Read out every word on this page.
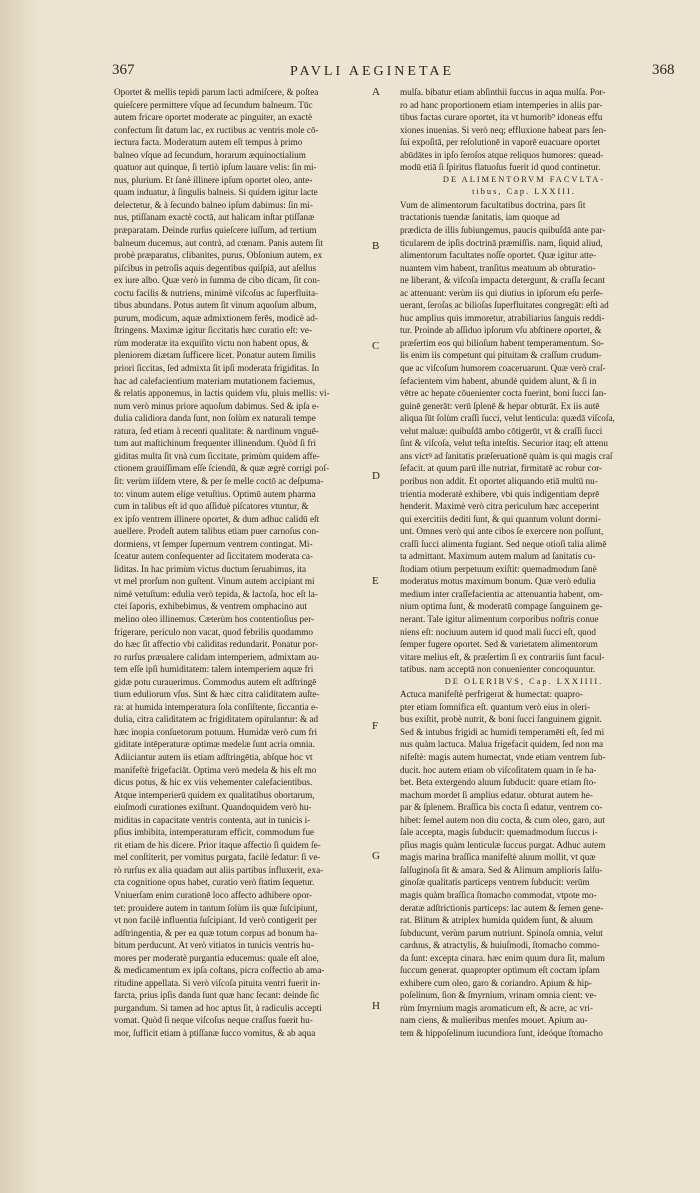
367	PAVLI AEGINETAE	368
Oportet & mellis tepidi parum lacti admiſcere, & poſtea
quieſcere permittere vſque ad ſecundum balneum. Tūc
autem fricare oportet moderate ac pinguiter, an exactè
confectum ſit datum lac, ex ructibus ac ventris mole cō-
iectura facta. Moderatum autem eſt tempus à primo
balneo vſque ad ſecundum, horarum æquinoctialium
quatuor aut quinque, ſi tertiò ipſum lauare velis: ſin mi-
nus, plurium. Et ſanè illinere ipſum oportet oleo, ante-
quam induatur, à ſingulis balneis. Si quidem igitur lacte
delectetur, & à ſecundo balneo ipſum dabimus: ſin mi-
nus, ptiſſanam exactè coctā, aut halicam inſtar ptiſſanæ
præparatam. Deinde rurſus quieſcere iuſſum, ad tertium
balneum ducemus, aut contrà, ad cœnam. Panis autem ſit
probè præparatus, clibanites, purus. Obſonium autem, ex
piſcibus in petroſis aquis degentibus quiſpiā, aut aſellus
ex iure albo. Quæ verò in ſumma de cibo dicam, ſit con-
coctu facilis & nutriens, minimè viſcoſus ac ſuperfluita-
tibus abundans. Potus autem ſit vinum aquoſum album,
purum, modicum, aquæ admixtionem ferēs, modicè ad-
ſtringens. Maximæ igitur ſiccitatis hæc curatio eſt: ve-
rùm moderatæ ita exquiſito victu non habent opus, &
pleniorem diætam ſufficere licet. Ponatur autem ſimilis
priori ſiccitas, ſed admixta ſit ipſi moderata frigiditas. In
hac ad calefacientium materiam mutationem faciemus,
& relatis apponemus, in lactis quidem vſu, pluis mellis: vi-
num verò minus priore aquoſum dabimus. Sed & ipſa e-
dulia calidiora danda ſunt, non ſolùm ex naturali tempe
ratura, ſed etiam à recenti qualitate: & nardinum vnguē-
tum aut maſtichinum frequenter illinendum. Quòd ſi fri
giditas multa ſit vnà cum ſiccitate, primùm quidem affe-
ctionem grauiſſimam eſſe ſciendū, & quæ ægrè corrigi poſ-
ſit: verùm iiſdem vtere, & per ſe melle coctō ac deſpuma-
to: vinum autem elige vetuſtius. Optimū autem pharma
cum in talibus eſt id quo aſſiduè piſcatores vtuntur, &
ex ipſo ventrem illinere oportet, & dum adhuc calidū eſt
auellere. Prodeſt autem talibus etiam puer carnoſus con-
dormiens, vt ſemper ſupernum ventrem contingat. Mi-
ſceatur autem conſequenter ad ſiccitatem moderata ca-
liditas. In hac primùm victus ductum ſeruabimus, ita
vt mel prorſum non guſtent. Vinum autem accipiant mi
nimè vetuſtum: edulia verò tepida, & lactoſa, hoc eſt la-
ctei ſaporis, exhibebimus, & ventrem omphacino aut
melino oleo illinemus. Cæterùm hos contentioſius per-
frigerare, periculo non vacat, quod febrilis quodammo
do hæc ſit affectio vbi caliditas redundarit. Ponatur por-
ro rurſus præualere calidam intemperiem, admixtam au-
tem eſſe ipſi humiditatem: talem intemperiem aquæ fri
gidæ potu curauerimus. Commodus autem eſt adſtringē
tium eduliorum vſus. Sint & hæc citra caliditatem auſte-
ra: at humida intemperatura ſola conſiſtente, ſiccantia e-
dulia, citra caliditatem ac frigiditatem opitulantur: & ad
hæc inopia conſuetorum potuum. Humidæ verò cum fri
giditate intēperaturæ optimæ medelæ ſunt acria omnia.
Adiiciantur autem iis etiam adſtringētia, abſque hoc vt
manifeſtè frigefaciāt. Optima verò medela & his eſt mo
dicus potus, & hic ex viis vehementer calefacientibus.
Atque intemperierū quidem ex qualitatibus obortarum,
eiuſmodi curationes exiſtunt. Quandoquidem verò hu-
miditas in capacitate ventris contenta, aut in tunicis i-
pſius imbibita, intemperaturam efficit, commodum fue
rit etiam de his dicere. Prior itaque affectio ſi quidem ſe-
mel conſtiterit, per vomitus purgata, facilè ſedatur: ſi ve-
rò rurſus ex alia quadam aut aliis partibus influxerit, exa-
cta cognitione opus habet, curatio verò ſtatim ſequetur.
Vniuerſam enim curationē loco affecto adhibere opor-
tet: prouidere autem in tantum ſolùm iis quæ ſuſcipiunt,
vt non facilè influentia ſuſcipiant. Id verò contigerit per
adſtringentia, & per ea quæ totum corpus ad bonum ha-
bitum perducunt. At verò vitiatos in tunicis ventris hu-
mores per moderatè purgantia educemus: quale eſt aloe,
& medicamentum ex ipſa coſtans, picra coſfectio ab ama-
ritudine appellata. Si verò viſcoſa pituita ventri fuerit in-
farcta, prius ipſis danda ſunt quæ hanc ſecant: deinde ſic
purgandum. Si tamen ad hoc aptus ſit, à radiculis accepti
vomat. Quòd ſi neque viſcoſus neque craſſus fuerit hu-
mor, ſufficit etiam à ptiſſanæ ſucco vomitus, & ab aqua
A
B
C
D
E
F
G
H
mulſa. bibatur etiam abſinthii ſuccus in aqua mulſa. Por-
ro ad hanc proportionem etiam intemperies in aliis par-
tibus factas curare oportet, ita vt humorib⁹ idoneas effu
xiones inuenias. Si verò neq; effluxione habeat pars ſen-
ſui expoſitā, per reſolutionē in vaporē euacuare oportet
abūdātes in ipſo ſeroſos atque reliquos humores: quead-
modū etiā ſi ſpiritus flatuoſus fuerit id quod continetur.
DE ALIMENTORVM FACVLTA-
tibus, Cap. LXXIII.
Vum de alimentorum facultatibus doctrina, pars ſit
tractationis tuendæ ſanitatis, iam quoque ad
prædicta de illis ſubiungemus, paucis quibuſdā ante par-
ticularem de ipſis doctrinā præmiſſis. nam, ſiquid aliud,
alimentorum facultates noſſe oportet. Quæ igitur atte-
nuantem vim habent, tranſitus meatuum ab obturatio-
ne liberant, & viſcoſa impacta detergunt, & craſſa ſecant
ac attenuant: verùm iis qui diutius in ipſorum eſu perſe-
uerant, ſeroſas ac bilioſas ſuperfluitates congregāt: eſti ad
huc amplius quis immoretur, atrabiliarius ſanguis reddi-
tur. Proinde ab aſſiduo ipſorum vſu abſtinere oportet, &
præſertim eos qui bilioſum habent temperamentum. So-
lis enim iis competunt qui pituitam & craſſum crudum-
que ac viſcoſum humorem coaceruarunt. Quæ verò craſ-
ſefacientem vim habent, abundè quidem alunt, & ſi in
vētre ac hepate cōuenienter cocta fuerint, boni ſucci ſan-
guinē generāt: verū ſplenē & hepar obturāt. Ex iis autē
aliqua ſūt ſolùm craſſi ſucci, velut lenticula: quædā viſcoſa,
velut maluæ: quibuſdā ambo cōtigerūt, vt & craſſi ſucci
ſint & viſcoſa, velut teſta inteſtis. Securior itaq; eſt attenu
ans victꝰ ad ſanitatis præſeruationē quàm is qui magis craſ
ſefacit. at quum parū ille nutriat, firmitatē ac robur cor-
poribus non addit. Et oportet aliquando etiā multū nu-
trientia moderatè exhibere, vbi quis indigentiam deprē
henderit. Maximè verò citra periculum hæc acceperint
qui exercitiis dediti ſunt, & qui quantum volunt dormi-
unt. Omnes verò qui ante cibos ſe exercere non poſſunt,
craſſi ſucci alimenta fugiant. Sed neque otioſi talia alimē
ta admittant. Maximum autem malum ad ſanitatis cu-
ſtodiam otium perpetuum exiſtit: quemadmodum ſanè
moderatus motus maximum bonum. Quæ verò edulia
medium inter craſſefacientia ac attenuantia habent, om-
nium optima ſunt, & moderatū compage ſanguinem ge-
nerant. Tale igitur alimentum corporibus noſtris conue
niens eſt: nociuum autem id quod mali ſucci eſt, quod
ſemper fugere oportet. Sed & varietatem alimentorum
vitare melius eſt, & præſertim ſi ex contrariis ſunt facul-
tatibus. nam acceptā non conuenienter concoquuntur.
DE OLERIBVS, Cap. LXXIIII.
Actuca manifeſtè perfrigerat & humectat: quapro-
pter etiam ſomnifica eſt. quantum verò eius in oleri-
bus exiſtit, probè nutrit, & boni ſucci ſanguinem gignit.
Sed & intubus frigidi ac humidi temperamēti eſt, ſed mi
nus quàm lactuca. Malua frigefacit quidem, ſed non ma
nifeſtè: magis autem humectat, vnde etiam ventrem ſub-
ducit. hoc autem etiam ob viſcoſitatem quam in ſe ha-
bet. Beta extergendo aluum ſubducit: quare etiam ſto-
machum mordet ſi amplius edatur. obturat autem he-
par & ſplenem. Braſſica bis cocta ſi edatur, ventrem co-
hibet: ſemel autem non diu cocta, & cum oleo, garo, aut
ſale accepta, magis ſubducit: quemadmodum ſuccus i-
pſius magis quàm lenticulæ ſuccus purgat. Adhuc autem
magis marina braſſica manifeſtè aluum mollit, vt quæ
ſalſuginoſa ſit & amara. Sed & Alimum amplioris ſalſu-
ginoſæ qualitatis particeps ventrem ſubducit: verūm
magis quàm braſſica ſtomacho commodat, vtpote mo-
deratæ adſtrictionis particeps: lac autem & ſemen gene-
rat. Blitum & atriplex humida quidem ſunt, & aluum
ſubducunt, verùm parum nutriunt. Spinoſa omnia, velut
carduus, & atractylis, & huiuſmodi, ſtomacho commo-
da ſunt: excepta cinara. hæc enim quum dura ſit, malum
ſuccum generat. quapropter optimum eſt coctam ipſam
exhibere cum oleo, garo & coriandro. Apium & hip-
poſelinum, ſion & ſmyrnium, vrinam omnia cient: ve-
rùm ſmyrnium magis aromaticum eſt, & acre, ac vri-
nam ciens, & mulieribus menſes mouet. Apium au-
tem & hippoſelinum iucundiora ſunt, ideóque ſtomacho
